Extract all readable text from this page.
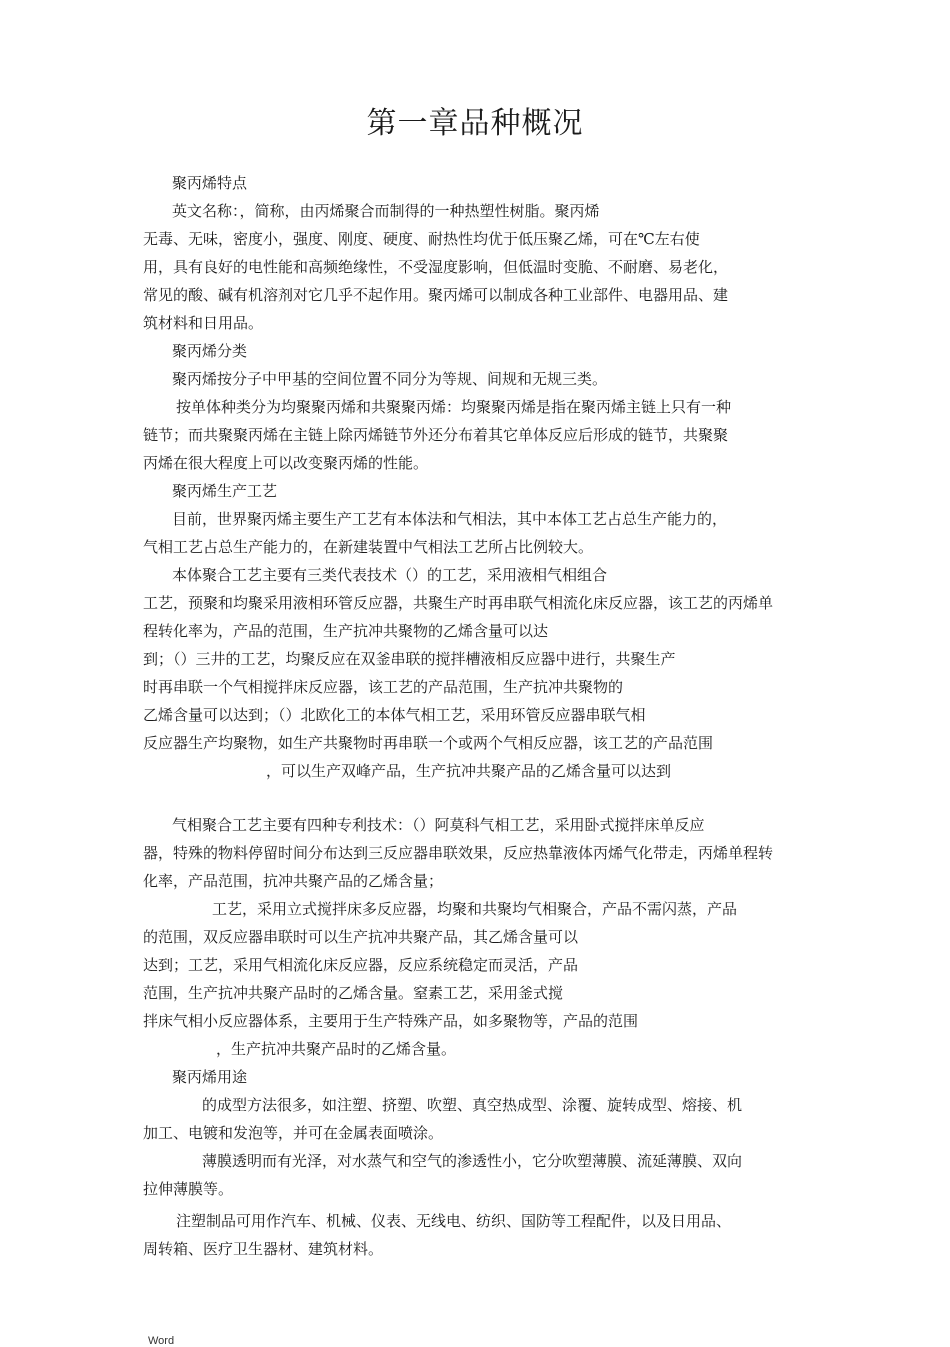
第一章品种概况
聚丙烯特点
英文名称：，简称，由丙烯聚合而制得的一种热塑性树脂。聚丙烯
无毒、无味，密度小，强度、刚度、硬度、耐热性均优于低压聚乙烯，可在℃左右使
用，具有良好的电性能和高频绝缘性，不受湿度影响，但低温时变脆、不耐磨、易老化，
常见的酸、碱有机溶剂对它几乎不起作用。聚丙烯可以制成各种工业部件、电器用品、建
筑材料和日用品。
聚丙烯分类
聚丙烯按分子中甲基的空间位置不同分为等规、间规和无规三类。
按单体种类分为均聚聚丙烯和共聚聚丙烯：均聚聚丙烯是指在聚丙烯主链上只有一种
链节；而共聚聚丙烯在主链上除丙烯链节外还分布着其它单体反应后形成的链节，共聚聚
丙烯在很大程度上可以改变聚丙烯的性能。
聚丙烯生产工艺
目前，世界聚丙烯主要生产工艺有本体法和气相法，其中本体工艺占总生产能力的，
气相工艺占总生产能力的，在新建装置中气相法工艺所占比例较大。
本体聚合工艺主要有三类代表技术（）的工艺，采用液相气相组合
工艺，预聚和均聚采用液相环管反应器，共聚生产时再串联气相流化床反应器，该工艺的丙烯单
程转化率为，产品的范围，生产抗冲共聚物的乙烯含量可以达
到；（）三井的工艺，均聚反应在双釜串联的搅拌槽液相反应器中进行，共聚生产
时再串联一个气相搅拌床反应器，该工艺的产品范围，生产抗冲共聚物的
乙烯含量可以达到；（）北欧化工的本体气相工艺，采用环管反应器串联气相
反应器生产均聚物，如生产共聚物时再串联一个或两个气相反应器，该工艺的产品范围
，可以生产双峰产品，生产抗冲共聚产品的乙烯含量可以达到
气相聚合工艺主要有四种专利技术：（）阿莫科气相工艺，采用卧式搅拌床单反应
器，特殊的物料停留时间分布达到三反应器串联效果，反应热靠液体丙烯气化带走，丙烯单程转
化率，产品范围，抗冲共聚产品的乙烯含量；
工艺，采用立式搅拌床多反应器，均聚和共聚均气相聚合，产品不需闪蒸，产品
的范围，双反应器串联时可以生产抗冲共聚产品，其乙烯含量可以
达到；工艺，采用气相流化床反应器，反应系统稳定而灵活，产品
范围，生产抗冲共聚产品时的乙烯含量。窒素工艺，采用釜式搅
拌床气相小反应器体系，主要用于生产特殊产品，如多聚物等，产品的范围
，生产抗冲共聚产品时的乙烯含量。
聚丙烯用途
的成型方法很多，如注塑、挤塑、吹塑、真空热成型、涂覆、旋转成型、熔接、机
加工、电镀和发泡等，并可在金属表面喷涂。
薄膜透明而有光泽，对水蒸气和空气的渗透性小，它分吹塑薄膜、流延薄膜、双向
拉伸薄膜等。
注塑制品可用作汽车、机械、仪表、无线电、纺织、国防等工程配件，以及日用品、
周转箱、医疗卫生器材、建筑材料。
Word
